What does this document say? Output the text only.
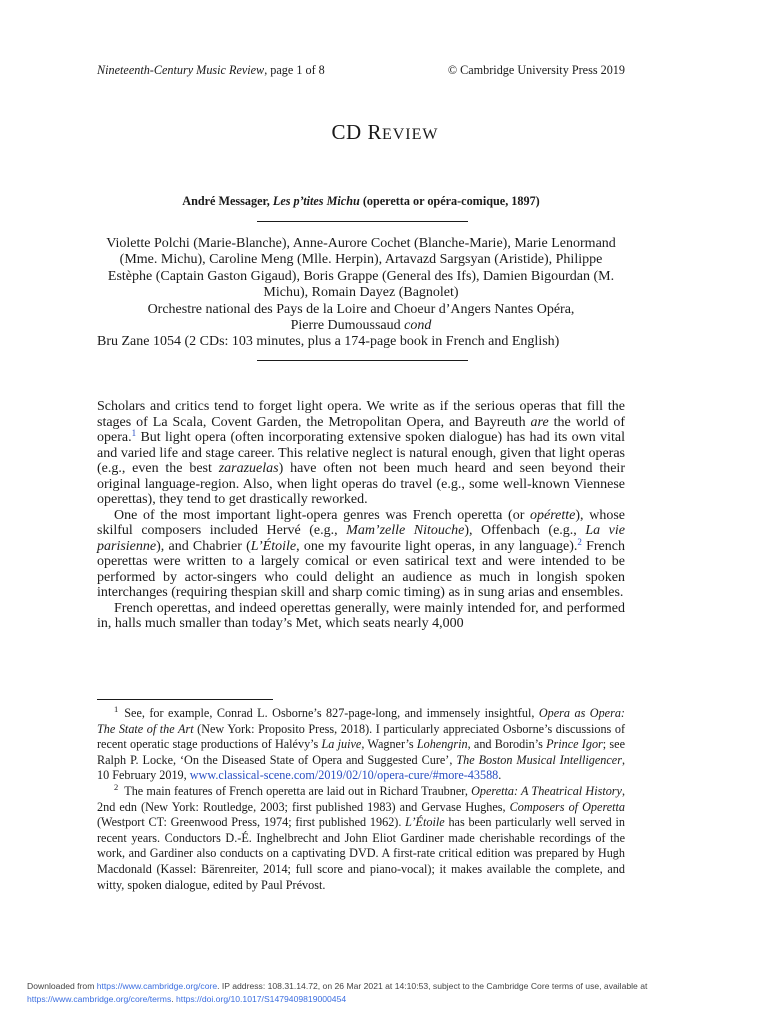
Nineteenth-Century Music Review, page 1 of 8	© Cambridge University Press 2019
CD REVIEW
André Messager, Les p’tites Michu (operetta or opéra-comique, 1897)
Violette Polchi (Marie-Blanche), Anne-Aurore Cochet (Blanche-Marie), Marie Lenormand (Mme. Michu), Caroline Meng (Mlle. Herpin), Artavazd Sargsyan (Aristide), Philippe Estèphe (Captain Gaston Gigaud), Boris Grappe (General des Ifs), Damien Bigourdan (M. Michu), Romain Dayez (Bagnolet)
Orchestre national des Pays de la Loire and Choeur d’Angers Nantes Opéra,
Pierre Dumoussaud cond
Bru Zane 1054 (2 CDs: 103 minutes, plus a 174-page book in French and English)

Scholars and critics tend to forget light opera. We write as if the serious operas that fill the stages of La Scala, Covent Garden, the Metropolitan Opera, and Bayreuth are the world of opera.$^1$ But light opera (often incorporating extensive spoken dialogue) has had its own vital and varied life and stage career. This relative neglect is natural enough, given that light operas (e.g., even the best zarazuelas) have often not been much heard and seen beyond their original language-region. Also, when light operas do travel (e.g., some well-known Viennese operettas), they tend to get drastically reworked.

One of the most important light-opera genres was French operetta (or opérette), whose skilful composers included Hervé (e.g., Mam’zelle Nitouche), Offenbach (e.g., La vie parisienne), and Chabrier (L’Étoile, one my favourite light operas, in any language).$^2$ French operettas were written to a largely comical or even satirical text and were intended to be performed by actor-singers who could delight an audience as much in longish spoken interchanges (requiring thespian skill and sharp comic timing) as in sung arias and ensembles.

French operettas, and indeed operettas generally, were mainly intended for, and performed in, halls much smaller than today’s Met, which seats nearly 4,000

$^1$ See, for example, Conrad L. Osborne’s 827-page-long, and immensely insightful, Opera as Opera: The State of the Art (New York: Proposito Press, 2018). I particularly appreciated Osborne’s discussions of recent operatic stage productions of Halévy’s La juive, Wagner’s Lohengrin, and Borodin’s Prince Igor; see Ralph P. Locke, ‘On the Diseased State of Opera and Suggested Cure’, The Boston Musical Intelligencer, 10 February 2019, www.classical-scene.com/2019/02/10/opera-cure/#more-43588.

$^2$ The main features of French operetta are laid out in Richard Traubner, Operetta: A Theatrical History, 2nd edn (New York: Routledge, 2003; first published 1983) and Gervase Hughes, Composers of Operetta (Westport CT: Greenwood Press, 1974; first published 1962). L’Étoile has been particularly well served in recent years. Conductors D.-É. Inghelbrecht and John Eliot Gardiner made cherishable recordings of the work, and Gardiner also conducts on a captivating DVD. A first-rate critical edition was prepared by Hugh Macdonald (Kassel: Bärenreiter, 2014; full score and piano-vocal); it makes available the complete, and witty, spoken dialogue, edited by Paul Prévost.

Downloaded from https://www.cambridge.org/core. IP address: 108.31.14.72, on 26 Mar 2021 at 14:10:53, subject to the Cambridge Core terms of use, available at
https://www.cambridge.org/core/terms. https://doi.org/10.1017/S1479409819000454
